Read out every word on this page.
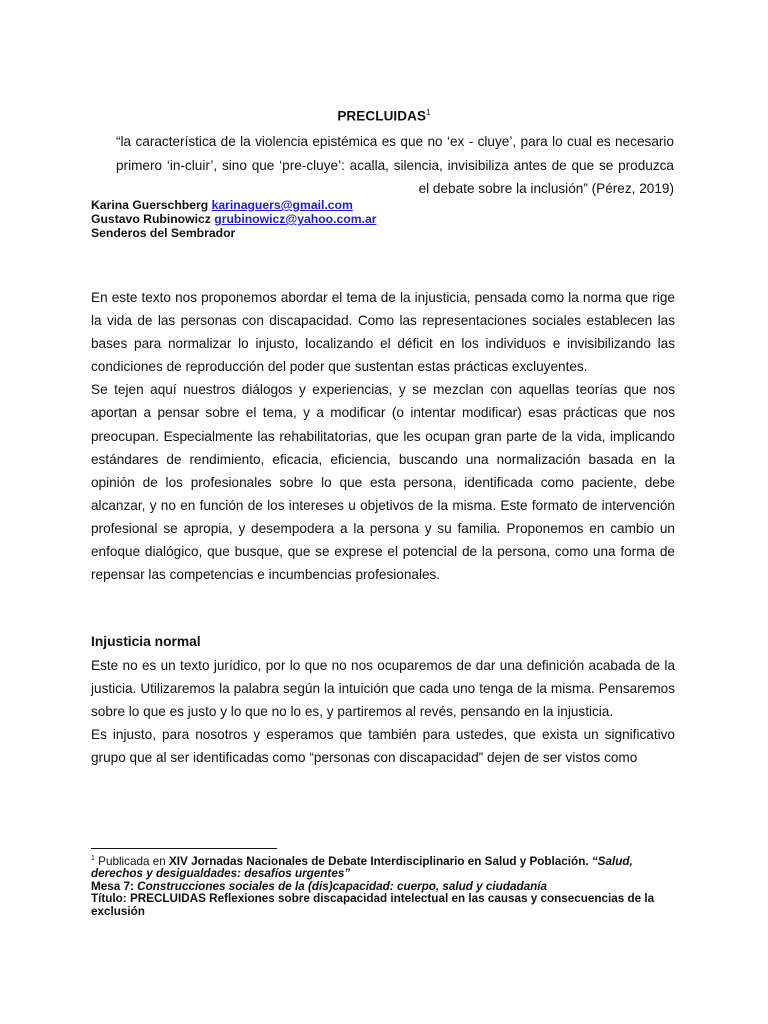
PRECLUIDAS$^1$
“la característica de la violencia epistémica es que no ‘ex - cluye’, para lo cual es necesario primero ‘in-cluir’, sino que ‘pre-cluye’: acalla, silencia, invisibiliza antes de que se produzca el debate sobre la inclusión” (Pérez, 2019)
Karina Guerschberg karinaguers@gmail.com
Gustavo Rubinowicz grubinowicz@yahoo.com.ar
Senderos del Sembrador

En este texto nos proponemos abordar el tema de la injusticia, pensada como la norma que rige la vida de las personas con discapacidad. Como las representaciones sociales establecen las bases para normalizar lo injusto, localizando el déficit en los individuos e invisibilizando las condiciones de reproducción del poder que sustentan estas prácticas excluyentes.

Se tejen aquí nuestros diálogos y experiencias, y se mezclan con aquellas teorías que nos aportan a pensar sobre el tema, y a modificar (o intentar modificar) esas prácticas que nos preocupan. Especialmente las rehabilitatorias, que les ocupan gran parte de la vida, implicando estándares de rendimiento, eficacia, eficiencia, buscando una normalización basada en la opinión de los profesionales sobre lo que esta persona, identificada como paciente, debe alcanzar, y no en función de los intereses u objetivos de la misma. Este formato de intervención profesional se apropia, y desempodera a la persona y su familia. Proponemos en cambio un enfoque dialógico, que busque, que se exprese el potencial de la persona, como una forma de repensar las competencias e incumbencias profesionales.

Injusticia normal

Este no es un texto jurídico, por lo que no nos ocuparemos de dar una definición acabada de la justicia. Utilizaremos la palabra según la intuición que cada uno tenga de la misma. Pensaremos sobre lo que es justo y lo que no lo es, y partiremos al revés, pensando en la injusticia.

Es injusto, para nosotros y esperamos que también para ustedes, que exista un significativo grupo que al ser identificadas como “personas con discapacidad” dejen de ser vistos como

$^1$ Publicada en XIV Jornadas Nacionales de Debate Interdisciplinario en Salud y Población. “Salud, derechos y desigualdades: desafíos urgentes”

Mesa 7: Construcciones sociales de la (dis)capacidad: cuerpo, salud y ciudadanía

Título: PRECLUIDAS Reflexiones sobre discapacidad intelectual en las causas y consecuencias de la exclusión
